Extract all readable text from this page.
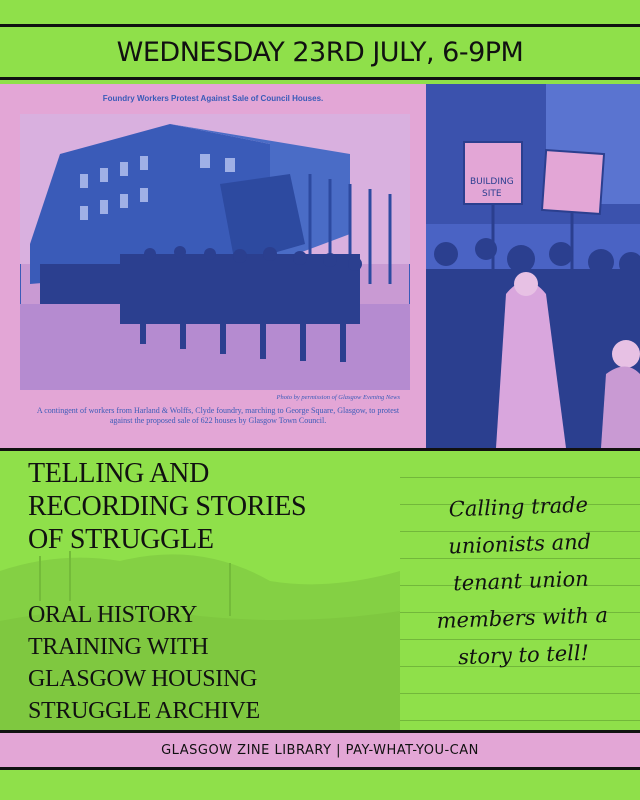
WEDNESDAY 23RD JULY, 6-9PM
Foundry Workers Protest Against Sale of Council Houses.
Photo by permission of Glasgow Evening News
A contingent of workers from Harland & Wolffs, Clyde foundry, marching to George Square, Glasgow, to protest against the proposed sale of 622 houses by Glasgow Town Council.
BUILDING
SITE
TELLING AND
RECORDING STORIES
OF STRUGGLE
ORAL HISTORY
TRAINING WITH
GLASGOW HOUSING
STRUGGLE ARCHIVE
Calling trade
unionists and
tenant union
members with a
story to tell!
GLASGOW ZINE LIBRARY | PAY-WHAT-YOU-CAN
